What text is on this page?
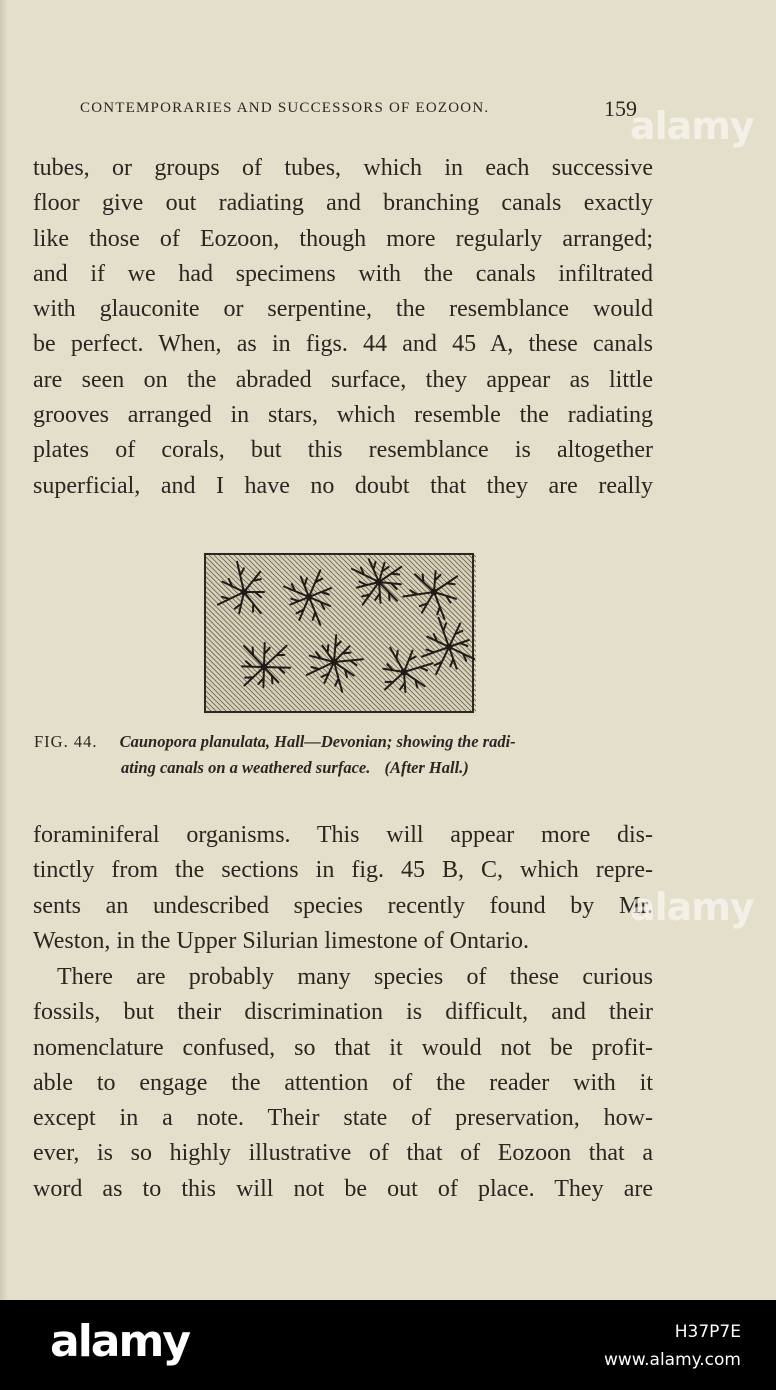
CONTEMPORARIES AND SUCCESSORS OF EOZOON.	159
tubes, or groups of tubes, which in each successive
floor give out radiating and branching canals exactly
like those of Eozoon, though more regularly arranged;
and if we had specimens with the canals infiltrated
with glauconite or serpentine, the resemblance would
be perfect. When, as in figs. 44 and 45 A, these canals
are seen on the abraded surface, they appear as little
grooves arranged in stars, which resemble the radiating
plates of corals, but this resemblance is altogether
superficial, and I have no doubt that they are really
FIG. 44. Caunopora planulata, Hall—Devonian; showing the radi-
ating canals on a weathered surface. (After Hall.)
foraminiferal organisms. This will appear more dis-
tinctly from the sections in fig. 45 B, C, which repre-
sents an undescribed species recently found by Mr.
Weston, in the Upper Silurian limestone of Ontario.
There are probably many species of these curious
fossils, but their discrimination is difficult, and their
nomenclature confused, so that it would not be profit-
able to engage the attention of the reader with it
except in a note. Their state of preservation, how-
ever, is so highly illustrative of that of Eozoon that a
word as to this will not be out of place. They are
alamy
alamy
alamy	H37P7E
www.alamy.com
